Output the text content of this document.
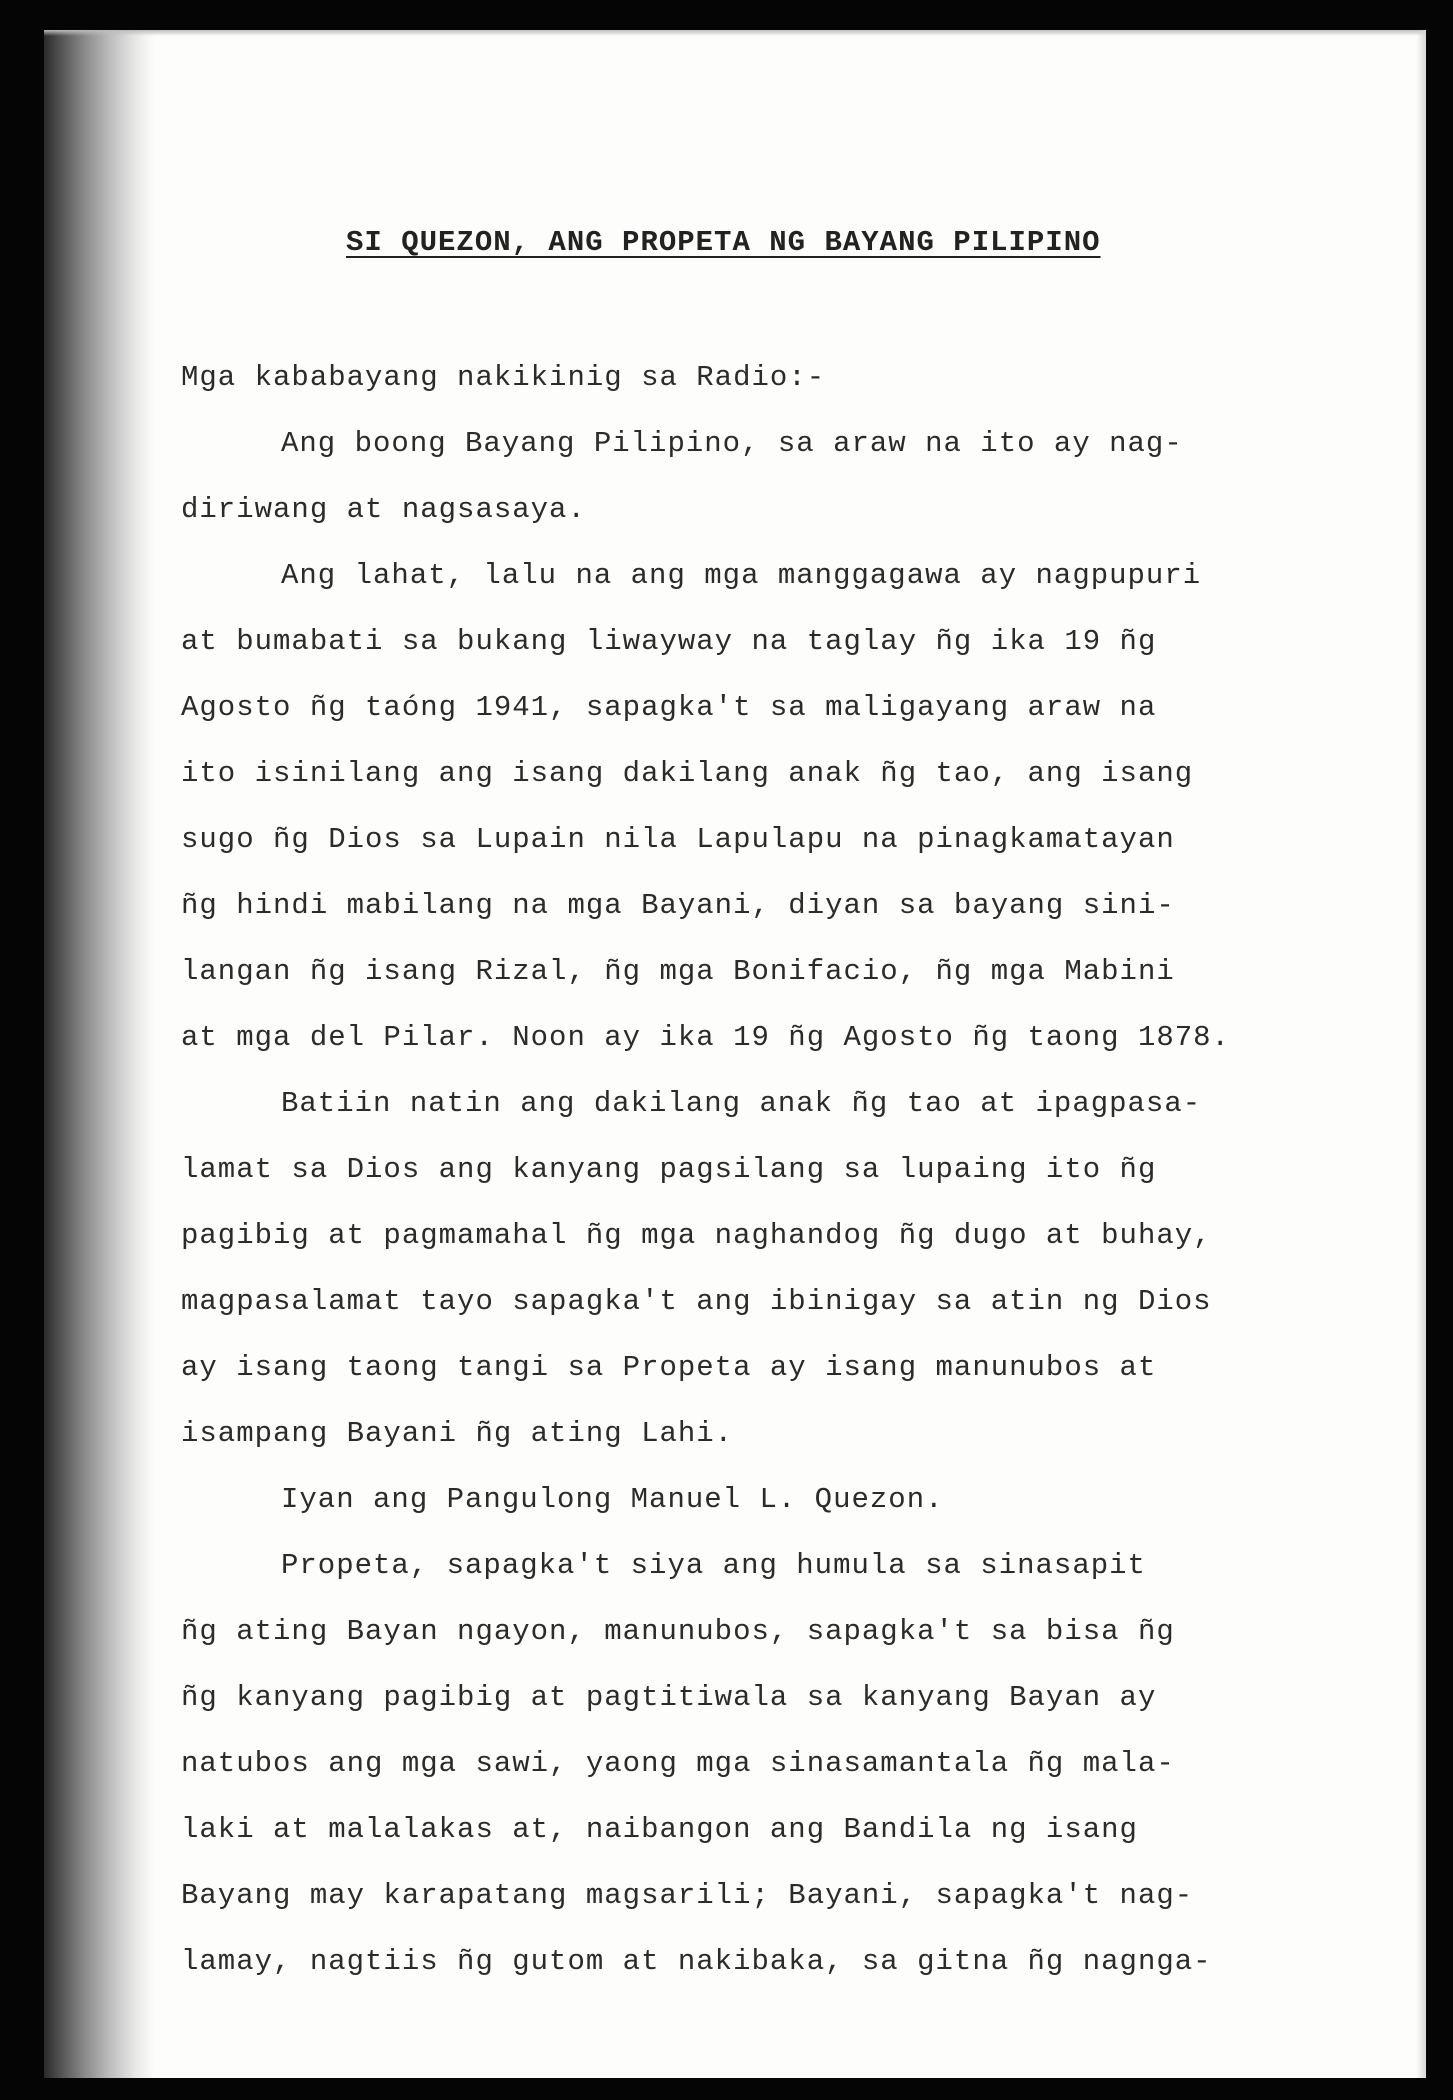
SI QUEZON, ANG PROPETA NG BAYANG PILIPINO
Mga kababayang nakikinig sa Radio:-
Ang boong Bayang Pilipino, sa araw na ito ay nag-
diriwang at nagsasaya.
Ang lahat, lalu na ang mga manggagawa ay nagpupuri
at bumabati sa bukang liwayway na taglay ñg ika 19 ñg
Agosto ñg taóng 1941, sapagka't sa maligayang araw na
ito isinilang ang isang dakilang anak ñg tao, ang isang
sugo ñg Dios sa Lupain nila Lapulapu na pinagkamatayan
ñg hindi mabilang na mga Bayani, diyan sa bayang sini-
langan ñg isang Rizal, ñg mga Bonifacio, ñg mga Mabini
at mga del Pilar. Noon ay ika 19 ñg Agosto ñg taong 1878.
Batiin natin ang dakilang anak ñg tao at ipagpasa-
lamat sa Dios ang kanyang pagsilang sa lupaing ito ñg
pagibig at pagmamahal ñg mga naghandog ñg dugo at buhay,
magpasalamat tayo sapagka't ang ibinigay sa atin ng Dios
ay isang taong tangi sa Propeta ay isang manunubos at
isampang Bayani ñg ating Lahi.
Iyan ang Pangulong Manuel L. Quezon.
Propeta, sapagka't siya ang humula sa sinasapit
ñg ating Bayan ngayon, manunubos, sapagka't sa bisa ñg
ñg kanyang pagibig at pagtitiwala sa kanyang Bayan ay
natubos ang mga sawi, yaong mga sinasamantala ñg mala-
laki at malalakas at, naibangon ang Bandila ng isang
Bayang may karapatang magsarili; Bayani, sapagka't nag-
lamay, nagtiis ñg gutom at nakibaka, sa gitna ñg nagnga-
